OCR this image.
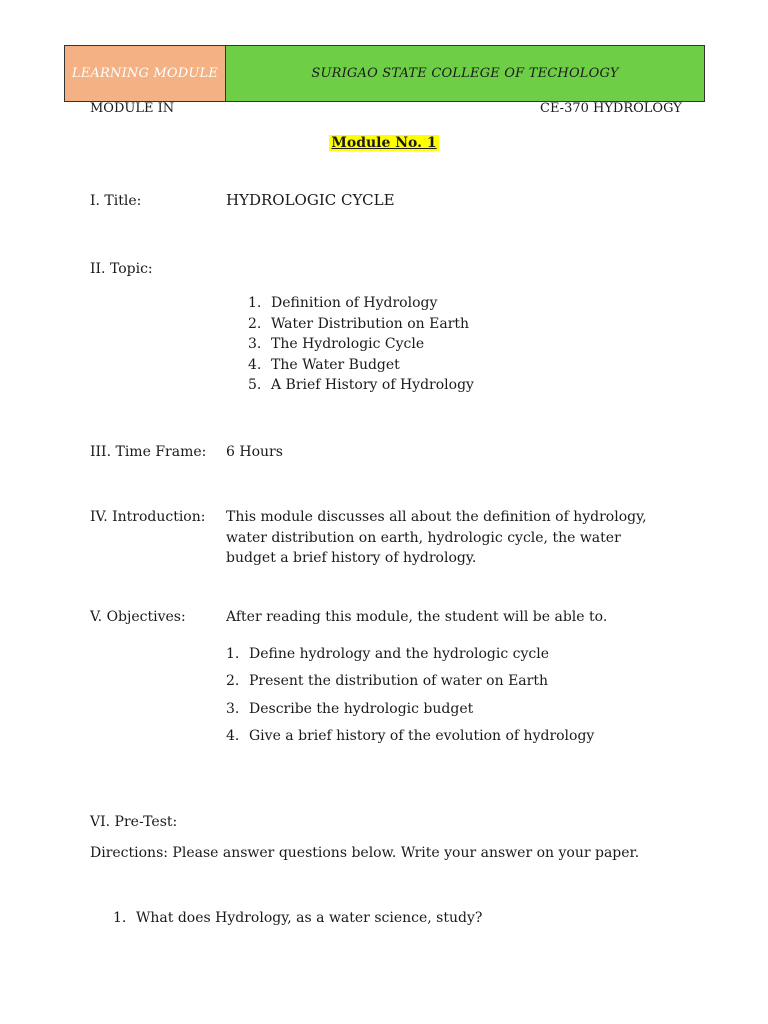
LEARNING MODULE	SURIGAO STATE COLLEGE OF TECHOLOGY
MODULE IN	CE-370 HYDROLOGY
Module No. 1
I. Title:	HYDROLOGIC CYCLE
II. Topic:
1. Definition of Hydrology
2. Water Distribution on Earth
3. The Hydrologic Cycle
4. The Water Budget
5. A Brief History of Hydrology
III. Time Frame: 6 Hours
IV. Introduction: This module discusses all about the definition of hydrology, water distribution on earth, hydrologic cycle, the water budget a brief history of hydrology.
V. Objectives:	After reading this module, the student will be able to.
1. Define hydrology and the hydrologic cycle
2. Present the distribution of water on Earth
3. Describe the hydrologic budget
4. Give a brief history of the evolution of hydrology
VI. Pre-Test:
Directions: Please answer questions below. Write your answer on your paper.
1. What does Hydrology, as a water science, study?
